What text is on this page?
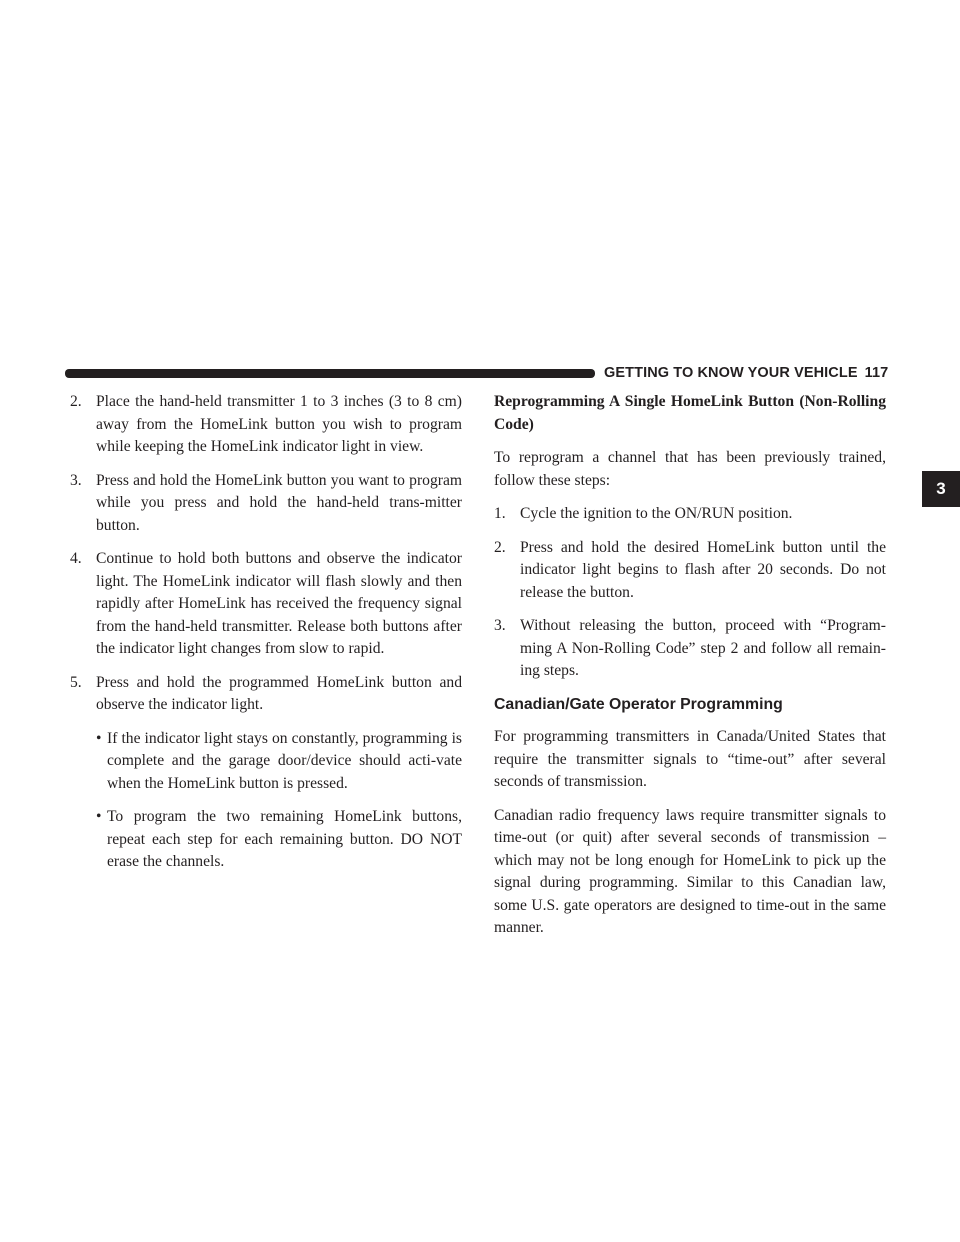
GETTING TO KNOW YOUR VEHICLE 117
3
2. Place the hand-held transmitter 1 to 3 inches (3 to 8 cm) away from the HomeLink button you wish to program while keeping the HomeLink indicator light in view.
3. Press and hold the HomeLink button you want to program while you press and hold the hand-held trans-mitter button.
4. Continue to hold both buttons and observe the indicator light. The HomeLink indicator will flash slowly and then rapidly after HomeLink has received the frequency signal from the hand-held transmitter. Release both buttons after the indicator light changes from slow to rapid.
5. Press and hold the programmed HomeLink button and observe the indicator light.
• If the indicator light stays on constantly, programming is complete and the garage door/device should acti-vate when the HomeLink button is pressed.
• To program the two remaining HomeLink buttons, repeat each step for each remaining button. DO NOT erase the channels.
Reprogramming A Single HomeLink Button (Non-Rolling Code)

To reprogram a channel that has been previously trained, follow these steps:

1. Cycle the ignition to the ON/RUN position.
2. Press and hold the desired HomeLink button until the indicator light begins to flash after 20 seconds. Do not release the button.
3. Without releasing the button, proceed with “Program-ming A Non-Rolling Code” step 2 and follow all remain-ing steps.
Canadian/Gate Operator Programming

For programming transmitters in Canada/United States that require the transmitter signals to “time-out” after several seconds of transmission.

Canadian radio frequency laws require transmitter signals to time-out (or quit) after several seconds of transmission – which may not be long enough for HomeLink to pick up the signal during programming. Similar to this Canadian law, some U.S. gate operators are designed to time-out in the same manner.
